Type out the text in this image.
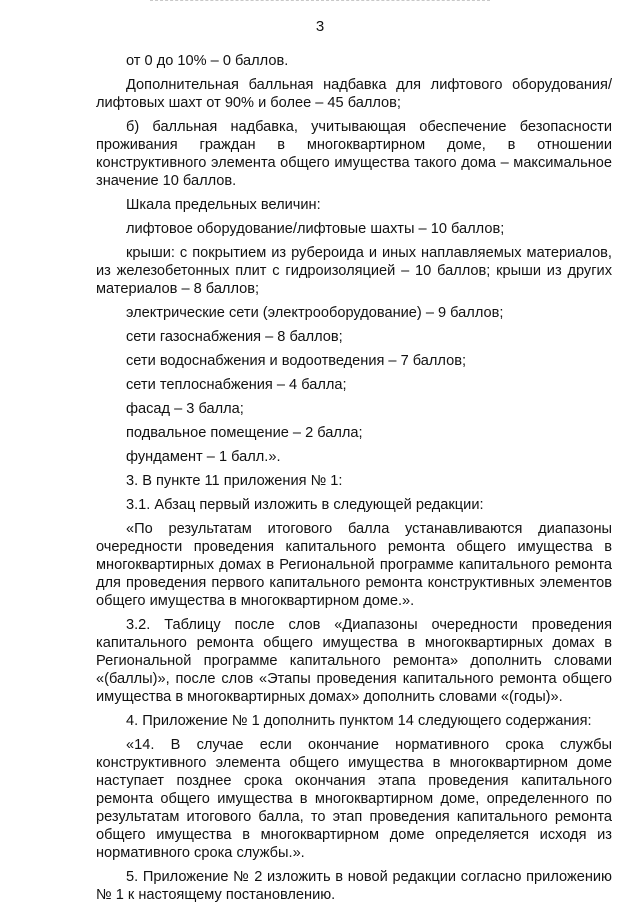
3

от 0 до 10% – 0 баллов.

Дополнительная балльная надбавка для лифтового оборудования/лифтовых шахт от 90% и более – 45 баллов;

б) балльная надбавка, учитывающая обеспечение безопасности проживания граждан в многоквартирном доме, в отношении конструктивного элемента общего имущества такого дома – максимальное значение 10 баллов.

Шкала предельных величин:

лифтовое оборудование/лифтовые шахты – 10 баллов;

крыши: с покрытием из рубероида и иных наплавляемых материалов, из железобетонных плит с гидроизоляцией – 10 баллов; крыши из других материалов – 8 баллов;

электрические сети (электрооборудование) – 9 баллов;

сети газоснабжения – 8 баллов;

сети водоснабжения и водоотведения – 7 баллов;

сети теплоснабжения – 4 балла;

фасад – 3 балла;

подвальное помещение – 2 балла;

фундамент – 1 балл.».

3. В пункте 11 приложения № 1:

3.1. Абзац первый изложить в следующей редакции:

«По результатам итогового балла устанавливаются диапазоны очередности проведения капитального ремонта общего имущества в многоквартирных домах в Региональной программе капитального ремонта для проведения первого капитального ремонта конструктивных элементов общего имущества в многоквартирном доме.».

3.2. Таблицу после слов «Диапазоны очередности проведения капитального ремонта общего имущества в многоквартирных домах в Региональной программе капитального ремонта» дополнить словами «(баллы)», после слов «Этапы проведения капитального ремонта общего имущества в многоквартирных домах» дополнить словами «(годы)».

4. Приложение № 1 дополнить пунктом 14 следующего содержания:

«14. В случае если окончание нормативного срока службы конструктивного элемента общего имущества в многоквартирном доме наступает позднее срока окончания этапа проведения капитального ремонта общего имущества в многоквартирном доме, определенного по результатам итогового балла, то этап проведения капитального ремонта общего имущества в многоквартирном доме определяется исходя из нормативного срока службы.».

5. Приложение № 2 изложить в новой редакции согласно приложению № 1 к настоящему постановлению.
